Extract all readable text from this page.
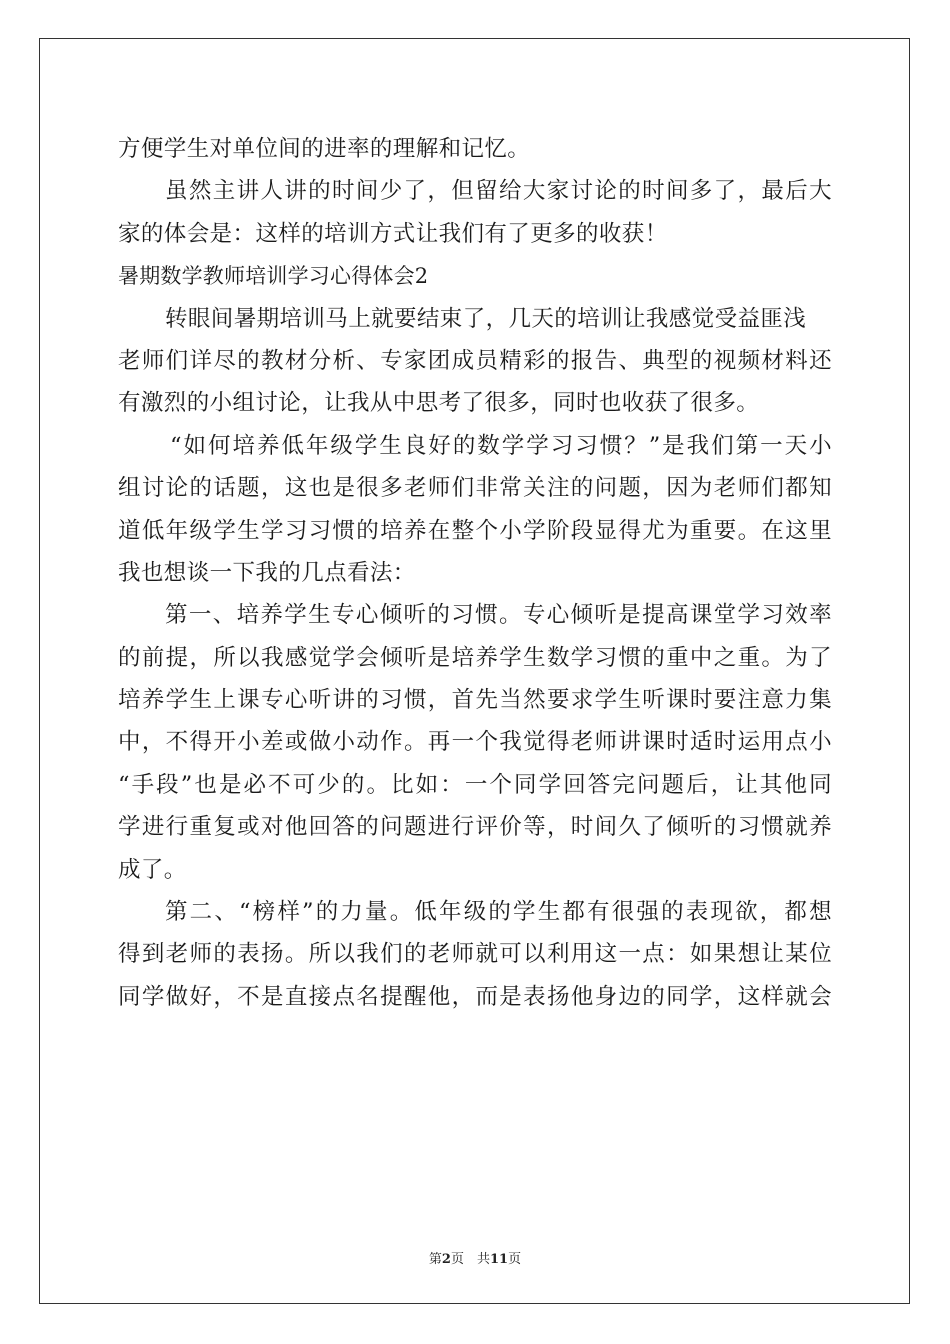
方便学生对单位间的进率的理解和记忆。
虽然主讲人讲的时间少了，但留给大家讨论的时间多了，最后大
家的体会是：这样的培训方式让我们有了更多的收获！
暑期数学教师培训学习心得体会2
转眼间暑期培训马上就要结束了，几天的培训让我感觉受益匪浅
老师们详尽的教材分析、专家团成员精彩的报告、典型的视频材料还
有激烈的小组讨论，让我从中思考了很多，同时也收获了很多。
“如何培养低年级学生良好的数学学习习惯？”是我们第一天小
组讨论的话题，这也是很多老师们非常关注的问题，因为老师们都知
道低年级学生学习习惯的培养在整个小学阶段显得尤为重要。在这里
我也想谈一下我的几点看法：
第一、培养学生专心倾听的习惯。专心倾听是提高课堂学习效率
的前提，所以我感觉学会倾听是培养学生数学习惯的重中之重。为了
培养学生上课专心听讲的习惯，首先当然要求学生听课时要注意力集
中，不得开小差或做小动作。再一个我觉得老师讲课时适时运用点小
“手段”也是必不可少的。比如：一个同学回答完问题后，让其他同
学进行重复或对他回答的问题进行评价等，时间久了倾听的习惯就养
成了。
第二、“榜样”的力量。低年级的学生都有很强的表现欲，都想
得到老师的表扬。所以我们的老师就可以利用这一点：如果想让某位
同学做好，不是直接点名提醒他，而是表扬他身边的同学，这样就会
第2页　共11页
